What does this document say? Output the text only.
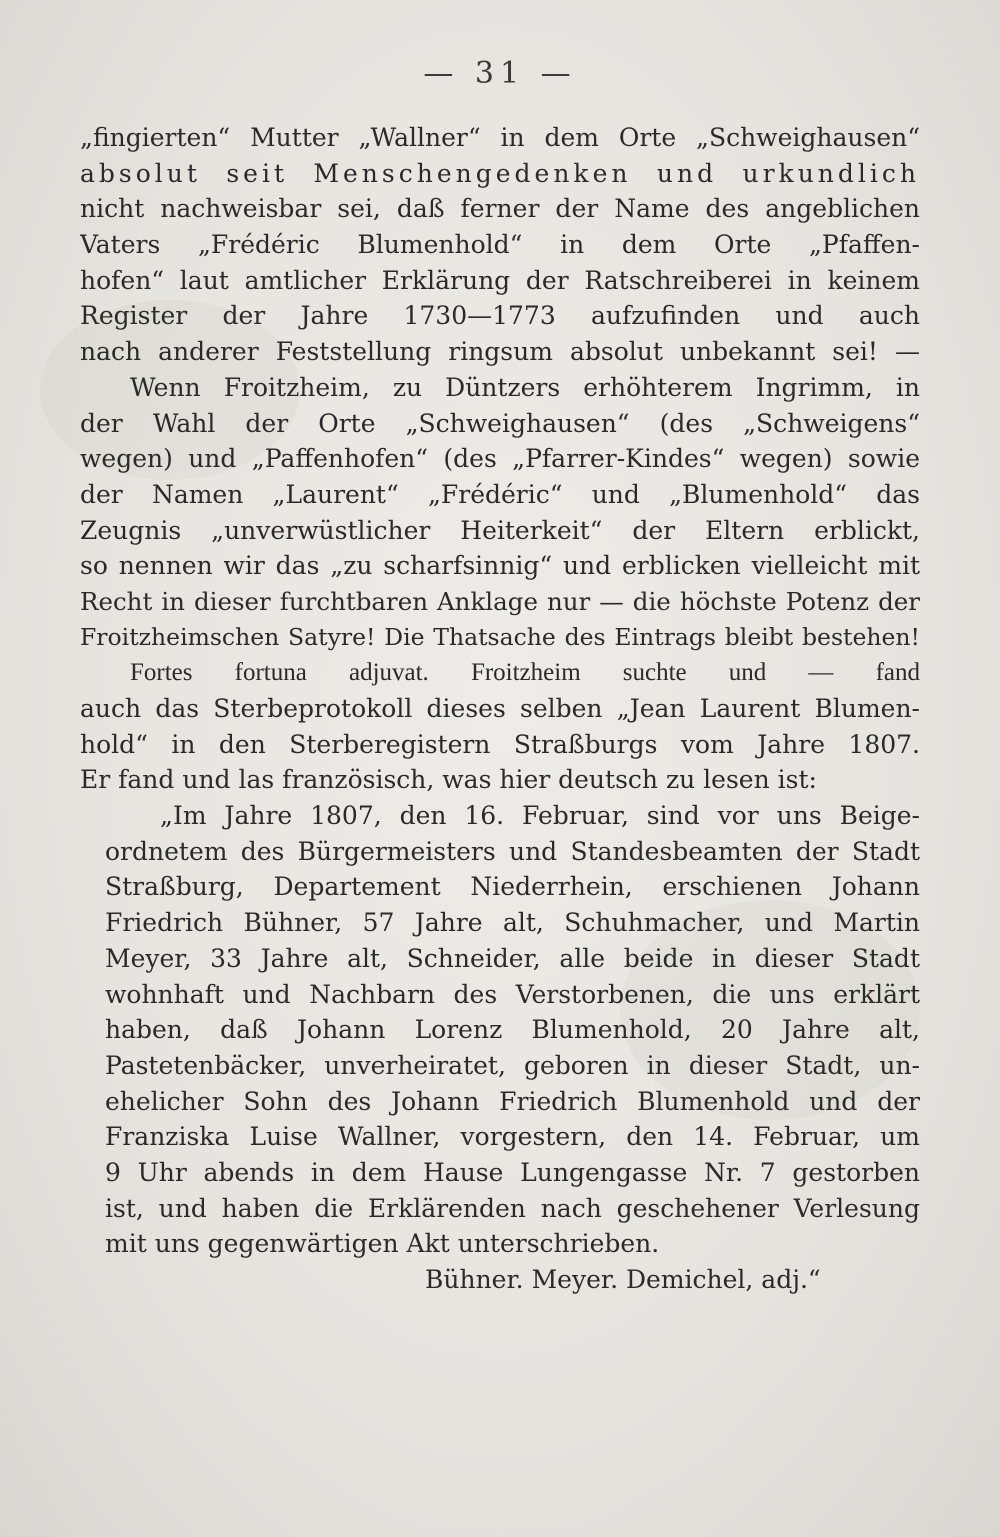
— 31 —
„fingierten“ Mutter „Wallner“ in dem Orte „Schweighausen“
absolut seit Menschengedenken und urkundlich
nicht nachweisbar sei, daß ferner der Name des angeblichen
Vaters „Frédéric Blumenhold“ in dem Orte „Pfaffen-
hofen“ laut amtlicher Erklärung der Ratschreiberei in keinem
Register der Jahre 1730—1773 aufzufinden und auch
nach anderer Feststellung ringsum absolut unbekannt sei! —
Wenn Froitzheim, zu Düntzers erhöhterem Ingrimm, in
der Wahl der Orte „Schweighausen“ (des „Schweigens“
wegen) und „Paffenhofen“ (des „Pfarrer-Kindes“ wegen) sowie
der Namen „Laurent“ „Frédéric“ und „Blumenhold“ das
Zeugnis „unverwüstlicher Heiterkeit“ der Eltern erblickt,
so nennen wir das „zu scharfsinnig“ und erblicken vielleicht mit
Recht in dieser furchtbaren Anklage nur — die höchste Potenz der
Froitzheimschen Satyre! Die Thatsache des Eintrags bleibt bestehen!
Fortes fortuna adjuvat. Froitzheim suchte und — fand
auch das Sterbeprotokoll dieses selben „Jean Laurent Blumen-
hold“ in den Sterberegistern Straßburgs vom Jahre 1807.
Er fand und las französisch, was hier deutsch zu lesen ist:
„Im Jahre 1807, den 16. Februar, sind vor uns Beige-
ordnetem des Bürgermeisters und Standesbeamten der Stadt
Straßburg, Departement Niederrhein, erschienen Johann
Friedrich Bühner, 57 Jahre alt, Schuhmacher, und Martin
Meyer, 33 Jahre alt, Schneider, alle beide in dieser Stadt
wohnhaft und Nachbarn des Verstorbenen, die uns erklärt
haben, daß Johann Lorenz Blumenhold, 20 Jahre alt,
Pastetenbäcker, unverheiratet, geboren in dieser Stadt, un-
ehelicher Sohn des Johann Friedrich Blumenhold und der
Franziska Luise Wallner, vorgestern, den 14. Februar, um
9 Uhr abends in dem Hause Lungengasse Nr. 7 gestorben
ist, und haben die Erklärenden nach geschehener Verlesung
mit uns gegenwärtigen Akt unterschrieben.
Bühner. Meyer. Demichel, adj.“
